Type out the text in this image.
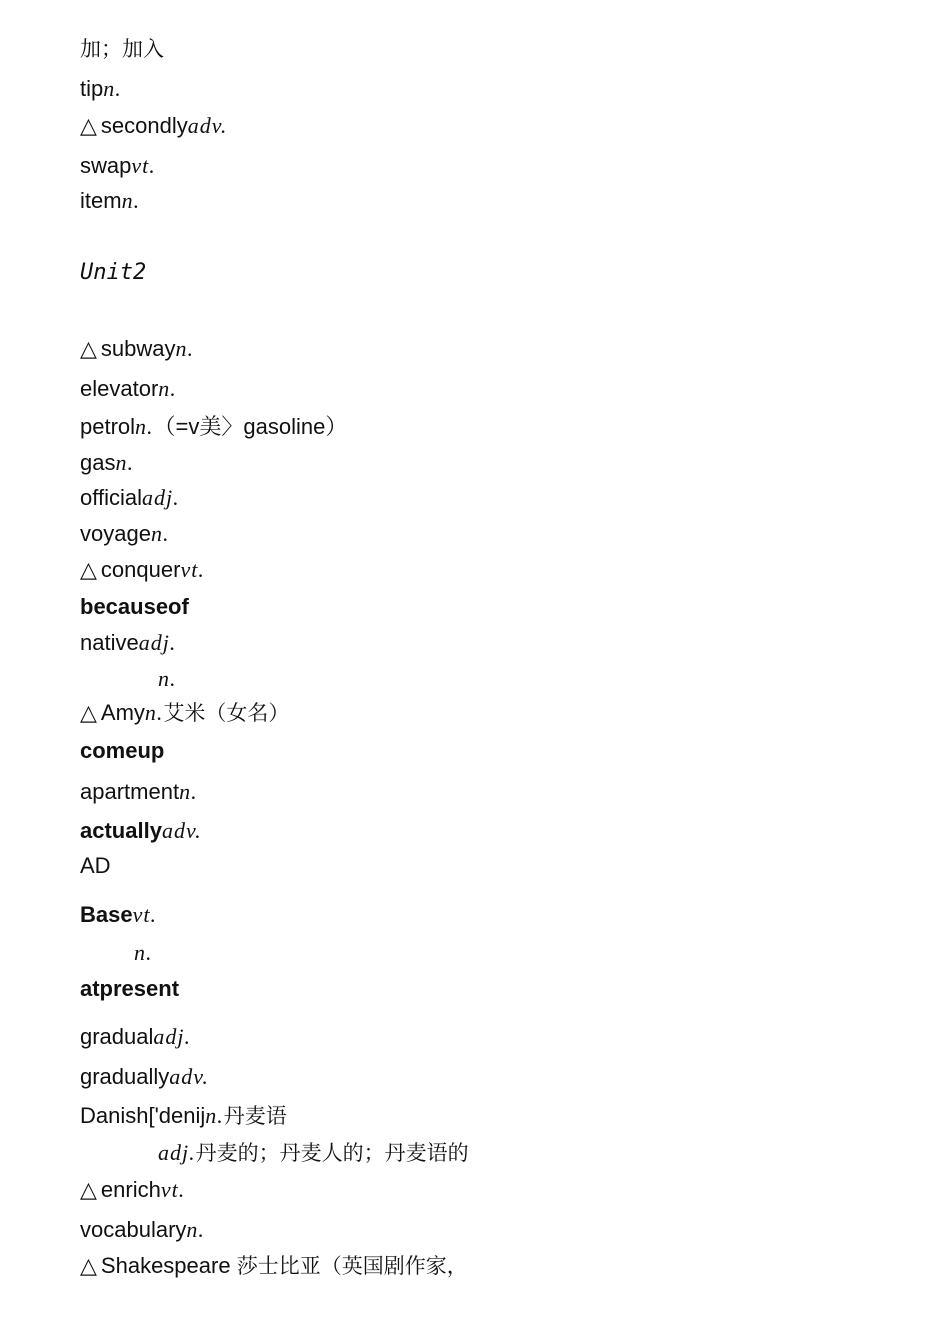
加；加入
tipn.
△ secondlyadv.
swapvt.
itemn.
Unit2
△ subwayn.
elevatorn.
petroln.（=v美〉gasoline）
gasn.
officialadj.
voyagen.
△ conquervt.
becauseof
nativeadj.
n.
△ Amyn.艾米（女名）
comeup
apartmentn.
actuallyadv.
AD
Basevt.
n.
atpresent
gradualadj.
graduallyadv.
Danish['denijn.丹麦语
adj.丹麦的；丹麦人的；丹麦语的
△ enrichvt.
vocabularyn.
△ Shakespeare 莎士比亚（英国剧作家，
